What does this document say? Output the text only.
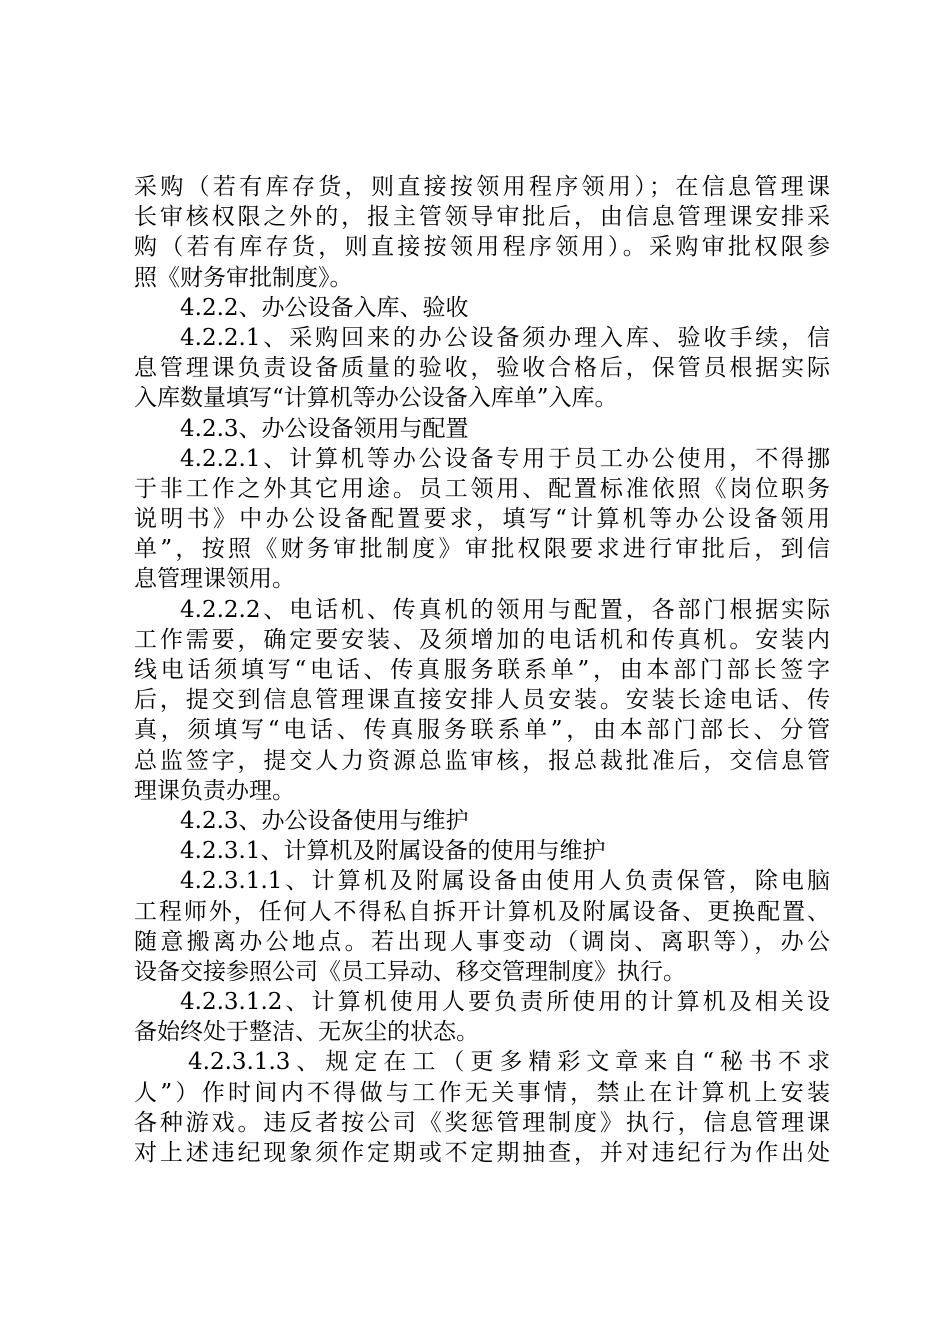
采购（若有库存货，则直接按领用程序领用）；在信息管理课
长审核权限之外的，报主管领导审批后，由信息管理课安排采
购（若有库存货，则直接按领用程序领用）。采购审批权限参
照《财务审批制度》。
4.2.2、办公设备入库、验收
4.2.2.1、采购回来的办公设备须办理入库、验收手续，信
息管理课负责设备质量的验收，验收合格后，保管员根据实际
入库数量填写“计算机等办公设备入库单”入库。
4.2.3、办公设备领用与配置
4.2.2.1、计算机等办公设备专用于员工办公使用，不得挪
于非工作之外其它用途。员工领用、配置标准依照《岗位职务
说明书》中办公设备配置要求，填写“计算机等办公设备领用
单”，按照《财务审批制度》审批权限要求进行审批后，到信
息管理课领用。
4.2.2.2、电话机、传真机的领用与配置，各部门根据实际
工作需要，确定要安装、及须增加的电话机和传真机。安装内
线电话须填写“电话、传真服务联系单”，由本部门部长签字
后，提交到信息管理课直接安排人员安装。安装长途电话、传
真，须填写“电话、传真服务联系单”，由本部门部长、分管
总监签字，提交人力资源总监审核，报总裁批准后，交信息管
理课负责办理。
4.2.3、办公设备使用与维护
4.2.3.1、计算机及附属设备的使用与维护
4.2.3.1.1、计算机及附属设备由使用人负责保管，除电脑
工程师外，任何人不得私自拆开计算机及附属设备、更换配置、
随意搬离办公地点。若出现人事变动（调岗、离职等），办公
设备交接参照公司《员工异动、移交管理制度》执行。
4.2.3.1.2、计算机使用人要负责所使用的计算机及相关设
备始终处于整洁、无灰尘的状态。
4.2.3.1.3、规定在工（更多精彩文章来自“秘书不求
人”）作时间内不得做与工作无关事情，禁止在计算机上安装
各种游戏。违反者按公司《奖惩管理制度》执行，信息管理课
对上述违纪现象须作定期或不定期抽查，并对违纪行为作出处
